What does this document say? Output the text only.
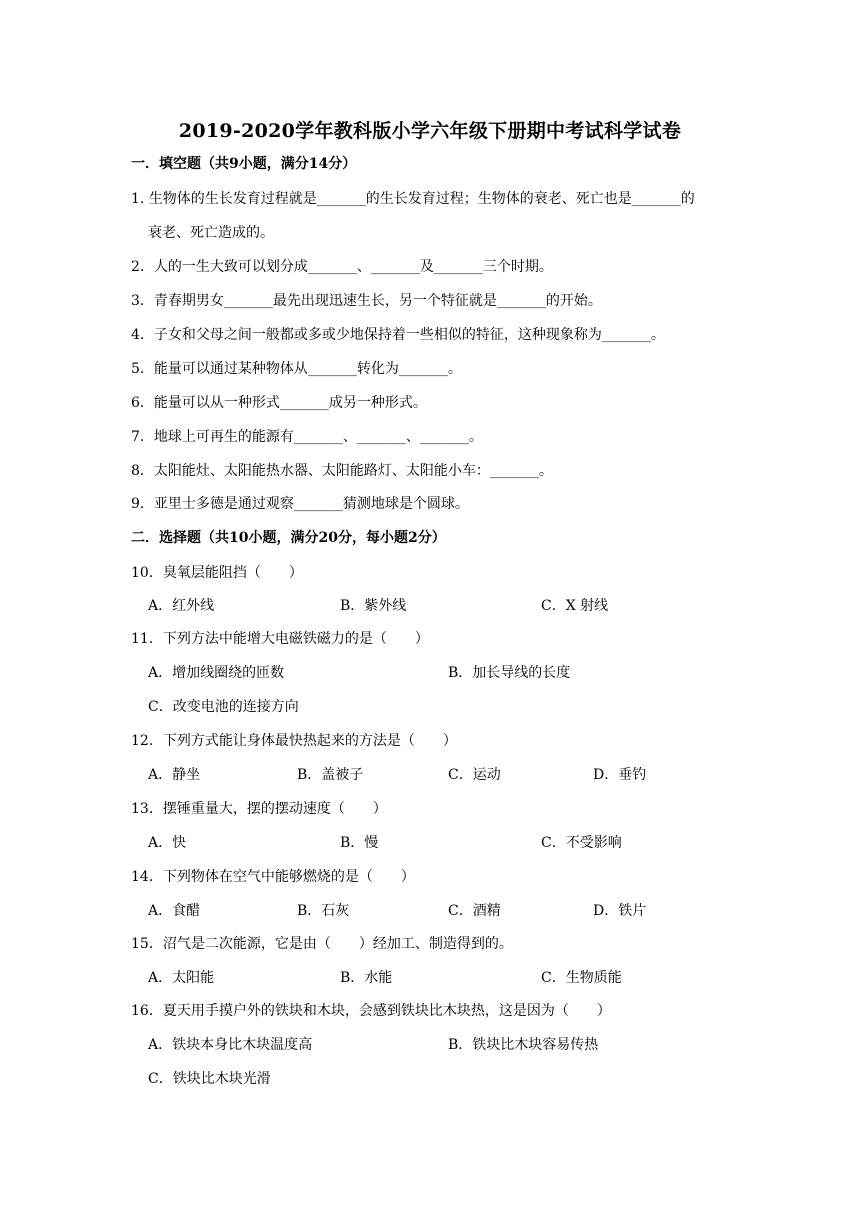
2019-2020学年教科版小学六年级下册期中考试科学试卷
一．填空题（共9小题，满分14分）
1. 生物体的生长发育过程就是_______的生长发育过程；生物体的衰老、死亡也是_______的
衰老、死亡造成的。
2．人的一生大致可以划分成_______、_______及_______三个时期。
3．青春期男女_______最先出现迅速生长，另一个特征就是_______的开始。
4．子女和父母之间一般都或多或少地保持着一些相似的特征，这种现象称为_______。
5．能量可以通过某种物体从_______转化为_______。
6．能量可以从一种形式_______成另一种形式。
7．地球上可再生的能源有_______、_______、_______。
8．太阳能灶、太阳能热水器、太阳能路灯、太阳能小车：_______。
9．亚里士多德是通过观察_______猜测地球是个圆球。
二．选择题（共10小题，满分20分，每小题2分）
10．臭氧层能阻挡（　　）
A．红外线	B．紫外线	C．X 射线
11．下列方法中能增大电磁铁磁力的是（　　）
A．增加线圈绕的匝数	B．加长导线的长度
C．改变电池的连接方向
12．下列方式能让身体最快热起来的方法是（　　）
A．静坐	B．盖被子	C．运动	D．垂钓
13．摆锤重量大，摆的摆动速度（　　）
A．快	B．慢	C．不受影响
14．下列物体在空气中能够燃烧的是（　　）
A．食醋	B．石灰	C．酒精	D．铁片
15．沼气是二次能源，它是由（　　）经加工、制造得到的。
A．太阳能	B．水能	C．生物质能
16．夏天用手摸户外的铁块和木块，会感到铁块比木块热，这是因为（　　）
A．铁块本身比木块温度高	B．铁块比木块容易传热
C．铁块比木块光滑
